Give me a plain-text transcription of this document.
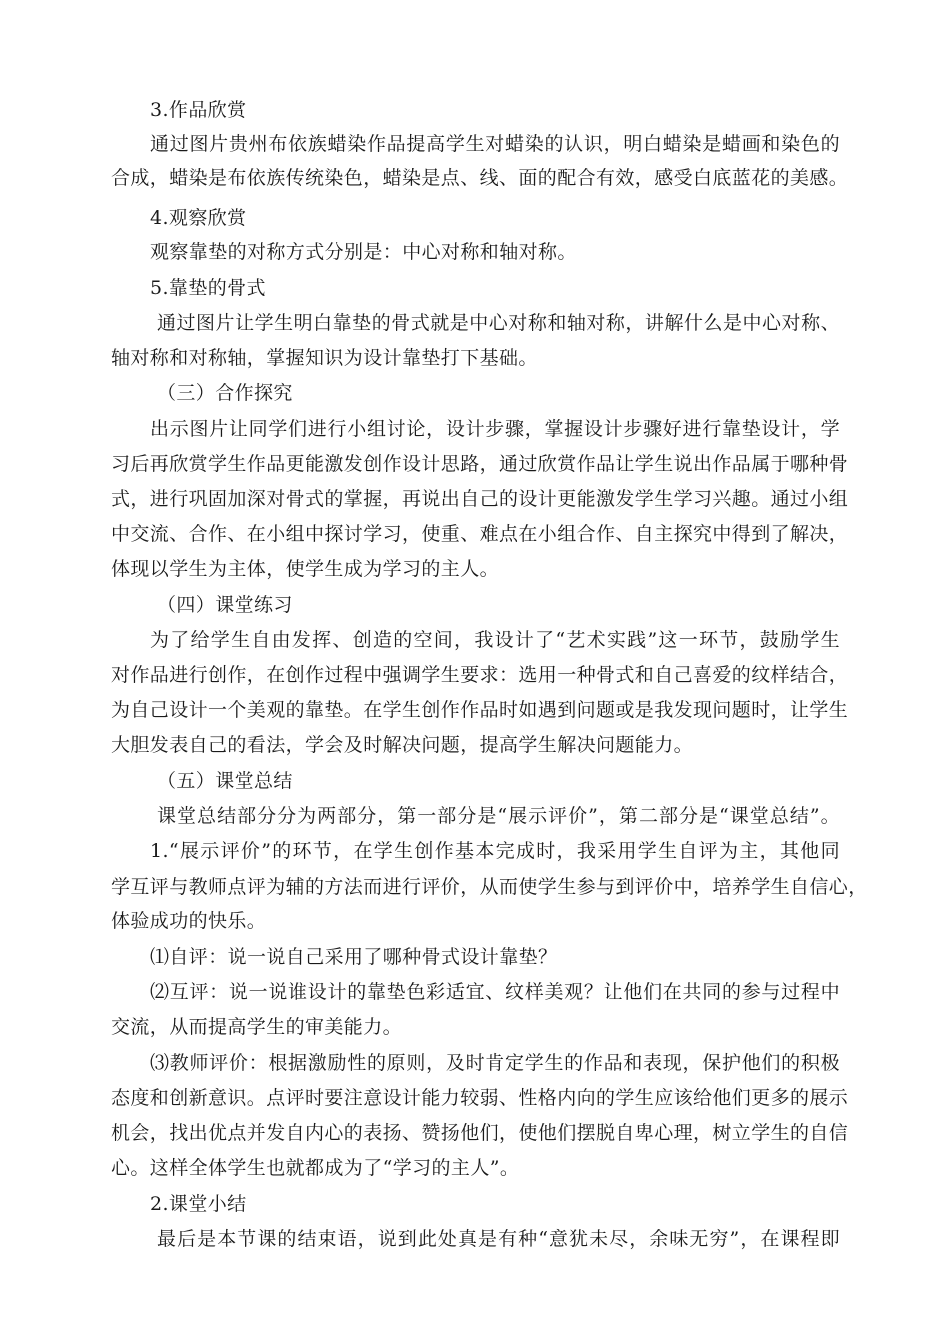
3.作品欣赏
通过图片贵州布依族蜡染作品提高学生对蜡染的认识，明白蜡染是蜡画和染色的
合成，蜡染是布依族传统染色，蜡染是点、线、面的配合有效，感受白底蓝花的美感。
4.观察欣赏
观察靠垫的对称方式分别是：中心对称和轴对称。
5.靠垫的骨式
通过图片让学生明白靠垫的骨式就是中心对称和轴对称，讲解什么是中心对称、
轴对称和对称轴，掌握知识为设计靠垫打下基础。
（三）合作探究
出示图片让同学们进行小组讨论，设计步骤，掌握设计步骤好进行靠垫设计，学
习后再欣赏学生作品更能激发创作设计思路，通过欣赏作品让学生说出作品属于哪种骨
式，进行巩固加深对骨式的掌握，再说出自己的设计更能激发学生学习兴趣。通过小组
中交流、合作、在小组中探讨学习，使重、难点在小组合作、自主探究中得到了解决，
体现以学生为主体，使学生成为学习的主人。
（四）课堂练习
为了给学生自由发挥、创造的空间，我设计了“艺术实践”这一环节，鼓励学生
对作品进行创作，在创作过程中强调学生要求：选用一种骨式和自己喜爱的纹样结合，
为自己设计一个美观的靠垫。在学生创作作品时如遇到问题或是我发现问题时，让学生
大胆发表自己的看法，学会及时解决问题，提高学生解决问题能力。
（五）课堂总结
课堂总结部分分为两部分，第一部分是“展示评价”，第二部分是“课堂总结”。
1.“展示评价”的环节，在学生创作基本完成时，我采用学生自评为主，其他同
学互评与教师点评为辅的方法而进行评价，从而使学生参与到评价中，培养学生自信心，
体验成功的快乐。
⑴自评：说一说自己采用了哪种骨式设计靠垫？
⑵互评：说一说谁设计的靠垫色彩适宜、纹样美观？让他们在共同的参与过程中
交流，从而提高学生的审美能力。
⑶教师评价：根据激励性的原则，及时肯定学生的作品和表现，保护他们的积极
态度和创新意识。点评时要注意设计能力较弱、性格内向的学生应该给他们更多的展示
机会，找出优点并发自内心的表扬、赞扬他们，使他们摆脱自卑心理，树立学生的自信
心。这样全体学生也就都成为了“学习的主人”。
2.课堂小结
最后是本节课的结束语，说到此处真是有种“意犹未尽，余味无穷”，在课程即
